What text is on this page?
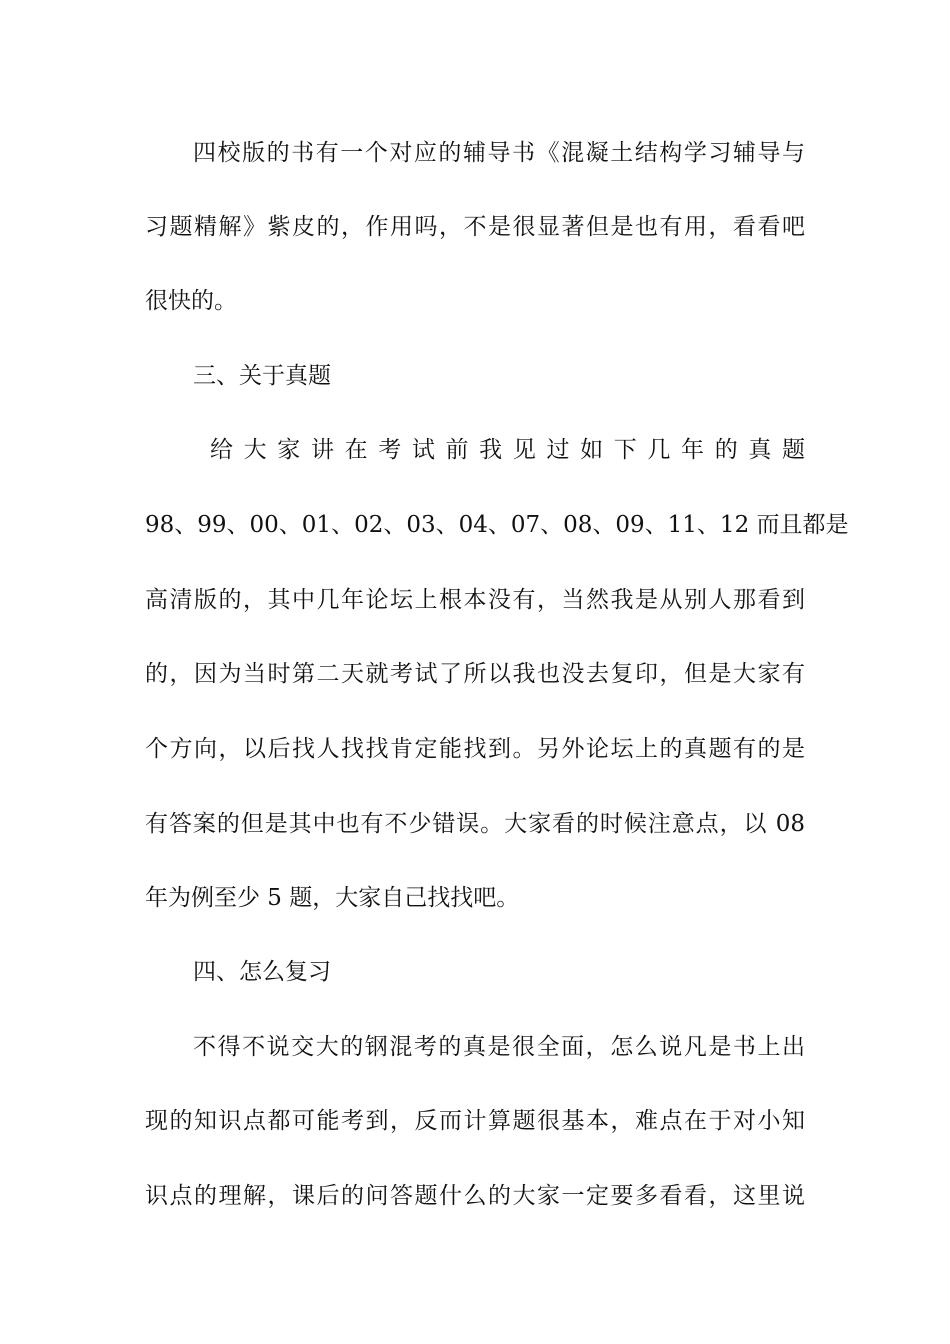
四校版的书有一个对应的辅导书《混凝土结构学习辅导与
习题精解》紫皮的，作用吗，不是很显著但是也有用，看看吧
很快的。
三、关于真题
给大家讲在考试前我见过如下几年的真题
98、99、00、01、02、03、04、07、08、09、11、12 而且都是
高清版的，其中几年论坛上根本没有，当然我是从别人那看到
的，因为当时第二天就考试了所以我也没去复印，但是大家有
个方向，以后找人找找肯定能找到。另外论坛上的真题有的是
有答案的但是其中也有不少错误。大家看的时候注意点，以 08
年为例至少 5 题，大家自己找找吧。
四、怎么复习
不得不说交大的钢混考的真是很全面，怎么说凡是书上出
现的知识点都可能考到，反而计算题很基本，难点在于对小知
识点的理解，课后的问答题什么的大家一定要多看看，这里说
